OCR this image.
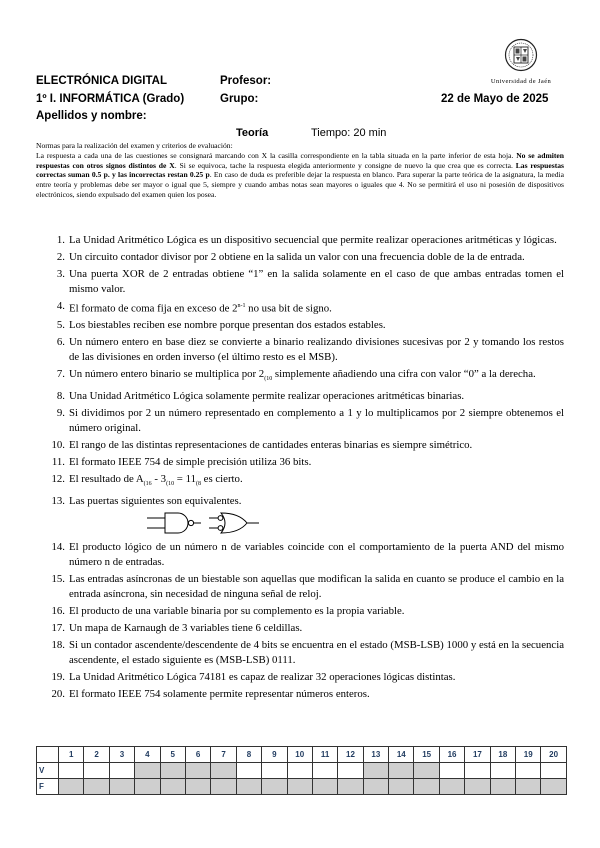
ELECTRÓNICA DIGITAL
1º I. INFORMÁTICA (Grado)
Apellidos y nombre:
Profesor:
Grupo:	22 de Mayo de 2025
Universidad de Jaén
Teoría	Tiempo: 20 min

Normas para la realización del examen y criterios de evaluación:

La respuesta a cada una de las cuestiones se consignará marcando con X la casilla correspondiente en la tabla situada en la parte inferior de esta hoja. No se admiten respuestas con otros signos distintos de X. Si se equivoca, tache la respuesta elegida anteriormente y consigne de nuevo la que crea que es correcta. Las respuestas correctas suman 0.5 p. y las incorrectas restan 0.25 p. En caso de duda es preferible dejar la respuesta en blanco. Para superar la parte teórica de la asignatura, la media entre teoría y problemas debe ser mayor o igual que 5, siempre y cuando ambas notas sean mayores o iguales que 4. No se permitirá el uso ni posesión de dispositivos electrónicos, siendo expulsado del examen quien los posea.

1 . La Unidad Aritmético Lógica es un dispositivo secuencial que permite realizar operaciones aritméticas y lógicas.
2 . Un circuito contador divisor por 2 obtiene en la salida un valor con una frecuencia doble de la de entrada.
3 . Una puerta XOR de 2 entradas obtiene “1” en la salida solamente en el caso de que ambas entradas tomen el mismo valor.
4 . El formato de coma fija en exceso de 2$^{n-1}$ no usa bit de signo.
5 . Los biestables reciben ese nombre porque presentan dos estados estables.
6 . Un número entero en base diez se convierte a binario realizando divisiones sucesivas por 2 y tomando los restos de las divisiones en orden inverso (el último resto es el MSB).
7 . Un número entero binario se multiplica por $2_{(10}$ simplemente añadiendo una cifra con valor “0” a la derecha.
8 . Una Unidad Aritmético Lógica solamente permite realizar operaciones aritméticas binarias.
9 . Si dividimos por 2 un número representado en complemento a 1 y lo multiplicamos por 2 siempre obtenemos el número original.
10 . El rango de las distintas representaciones de cantidades enteras binarias es siempre simétrico.
11 . El formato IEEE 754 de simple precisión utiliza 36 bits.
12 . El resultado de $A_{(16} - 3_{(10} = 11_{(8}$ es cierto.
13 . Las puertas siguientes son equivalentes.
14 . El producto lógico de un número n de variables coincide con el comportamiento de la puerta AND del mismo número n de entradas.
15 . Las entradas asíncronas de un biestable son aquellas que modifican la salida en cuanto se produce el cambio en la entrada asíncrona, sin necesidad de ninguna señal de reloj.
16 . El producto de una variable binaria por su complemento es la propia variable.
17 . Un mapa de Karnaugh de 3 variables tiene 6 celdillas.
18 . Si un contador ascendente/descendente de 4 bits se encuentra en el estado (MSB-LSB) 1000 y está en la secuencia ascendente, el estado siguiente es (MSB-LSB) 0111.
19 . La Unidad Aritmético Lógica 74181 es capaz de realizar 32 operaciones lógicas distintas.
20 . El formato IEEE 754 solamente permite representar números enteros.
	1	2	3	4	5	6	7	8	9	10	11	12	13	14	15	16	17	18	19	20
V																				
F																				
